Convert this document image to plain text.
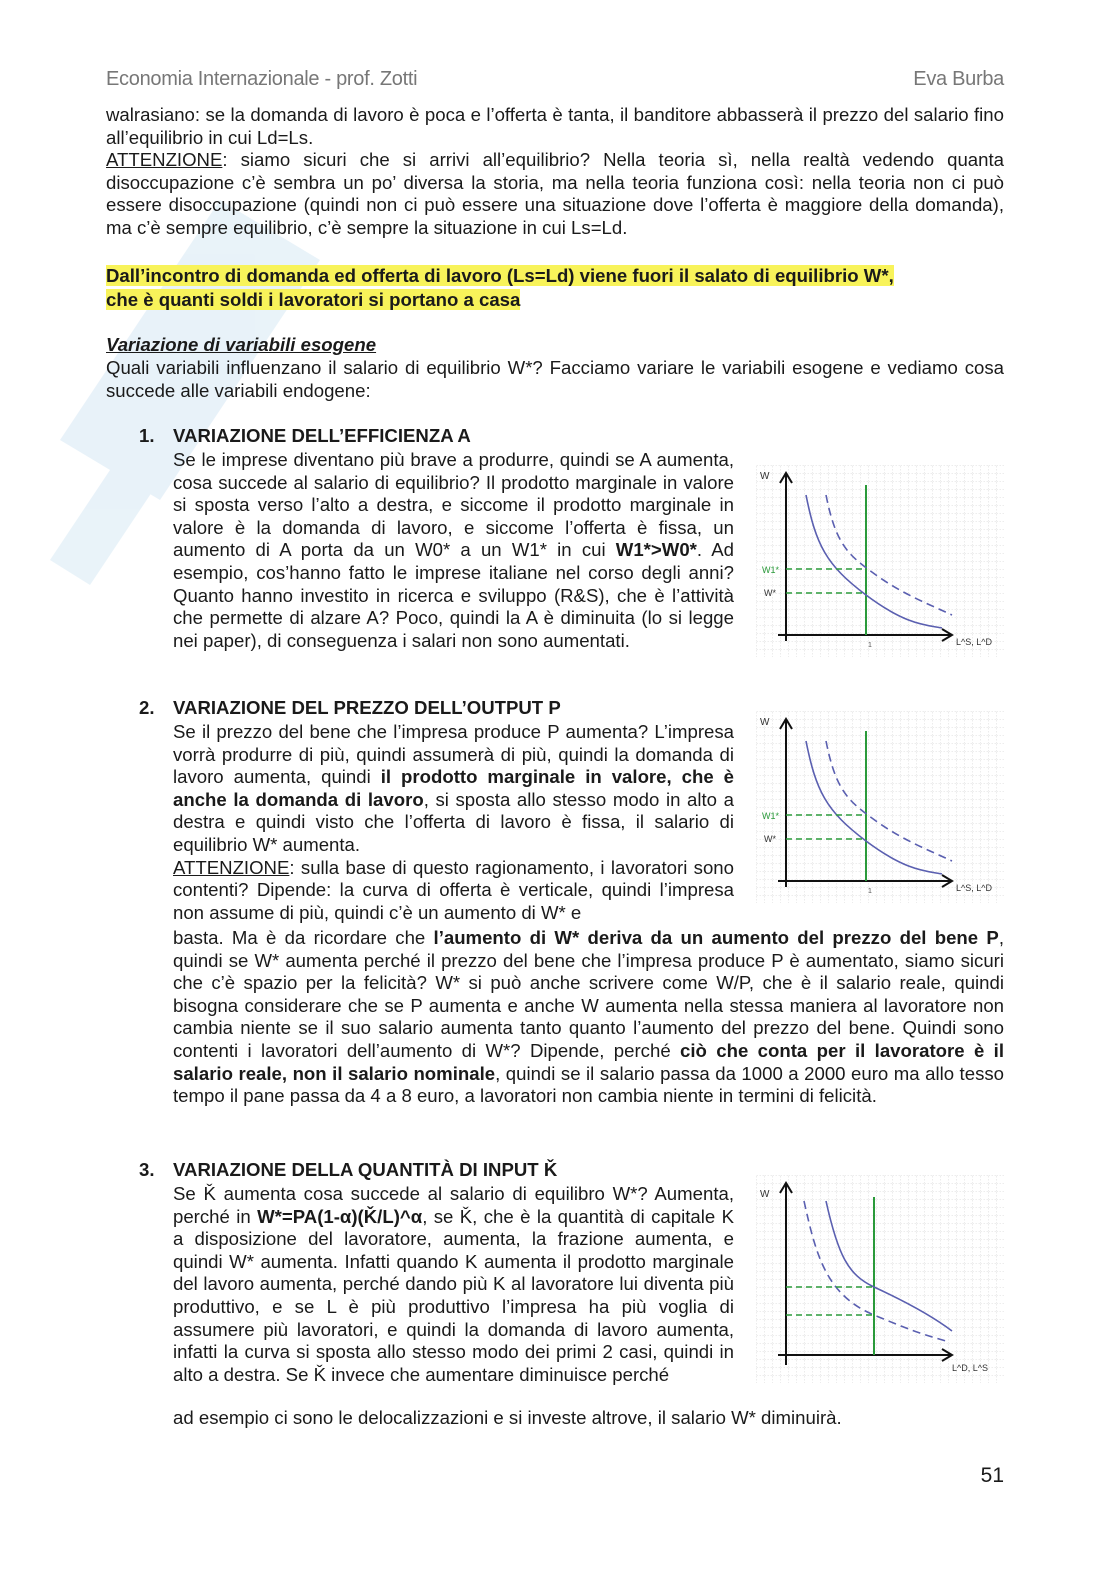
Economia Internazionale - prof. Zotti	Eva Burba
walrasiano: se la domanda di lavoro è poca e l’offerta è tanta, il banditore abbasserà il prezzo del salario fino all’equilibrio in cui Ld=Ls.
ATTENZIONE: siamo sicuri che si arrivi all’equilibrio? Nella teoria sì, nella realtà vedendo quanta disoccupazione c’è sembra un po’ diversa la storia, ma nella teoria funziona così: nella teoria non ci può essere disoccupazione (quindi non ci può essere una situazione dove l’offerta è maggiore della domanda), ma c’è sempre equilibrio, c’è sempre la situazione in cui Ls=Ld.
Dall’incontro di domanda ed offerta di lavoro (Ls=Ld) viene fuori il salato di equilibrio W*,
che è quanti soldi i lavoratori si portano a casa
Variazione di variabili esogene
Quali variabili influenzano il salario di equilibrio W*? Facciamo variare le variabili esogene e vediamo cosa succede alle variabili endogene:
1. VARIAZIONE DELL’EFFICIENZA A
Se le imprese diventano più brave a produrre, quindi se A aumenta, cosa succede al salario di equilibrio? Il prodotto marginale in valore si sposta verso l’alto a destra, e siccome il prodotto marginale in valore è la domanda di lavoro, e siccome l’offerta è fissa, un aumento di A porta da un W0* a un W1* in cui W1*>W0*. Ad esempio, cos’hanno fatto le imprese italiane nel corso degli anni? Quanto hanno investito in ricerca e sviluppo (R&S), che è l’attività che permette di alzare A? Poco, quindi la A è diminuita (lo si legge nei paper), di conseguenza i salari non sono aumentati.
2. VARIAZIONE DEL PREZZO DELL’OUTPUT P
Se il prezzo del bene che l’impresa produce P aumenta? L’impresa vorrà produrre di più, quindi assumerà di più, quindi la domanda di lavoro aumenta, quindi il prodotto marginale in valore, che è anche la domanda di lavoro, si sposta allo stesso modo in alto a destra e quindi visto che l’offerta di lavoro è fissa, il salario di equilibrio W* aumenta.
ATTENZIONE: sulla base di questo ragionamento, i lavoratori sono contenti? Dipende: la curva di offerta è verticale, quindi l’impresa non assume di più, quindi c’è un aumento di W* e
basta. Ma è da ricordare che l’aumento di W* deriva da un aumento del prezzo del bene P, quindi se W* aumenta perché il prezzo del bene che l’impresa produce P è aumentato, siamo sicuri che c’è spazio per la felicità? W* si può anche scrivere come W/P, che è il salario reale, quindi bisogna considerare che se P aumenta e anche W aumenta nella stessa maniera al lavoratore non cambia niente se il suo salario aumenta tanto quanto l’aumento del prezzo del bene. Quindi sono contenti i lavoratori dell’aumento di W*? Dipende, perché ciò che conta per il lavoratore è il salario reale, non il salario nominale, quindi se il salario passa da 1000 a 2000 euro ma allo tesso tempo il pane passa da 4 a 8 euro, a lavoratori non cambia niente in termini di felicità.
3. VARIAZIONE DELLA QUANTITÀ DI INPUT Ǩ
Se Ǩ aumenta cosa succede al salario di equilibro W*? Aumenta, perché in W*=PA(1-α)(Ǩ/L)^α, se Ǩ, che è la quantità di capitale K a disposizione del lavoratore, aumenta, la frazione aumenta, e quindi W* aumenta. Infatti quando K aumenta il prodotto marginale del lavoro aumenta, perché dando più K al lavoratore lui diventa più produttivo, e se L è più produttivo l’impresa ha più voglia di assumere più lavoratori, e quindi la domanda di lavoro aumenta, infatti la curva si sposta allo stesso modo dei primi 2 casi, quindi in alto a destra. Se Ǩ invece che aumentare diminuisce perché
ad esempio ci sono le delocalizzazioni e si investe altrove, il salario W* diminuirà.
W
W1*
W*
1	L^S, L^D
W
W1*
W*
1	L^S, L^D
W
L^D, L^S
51
